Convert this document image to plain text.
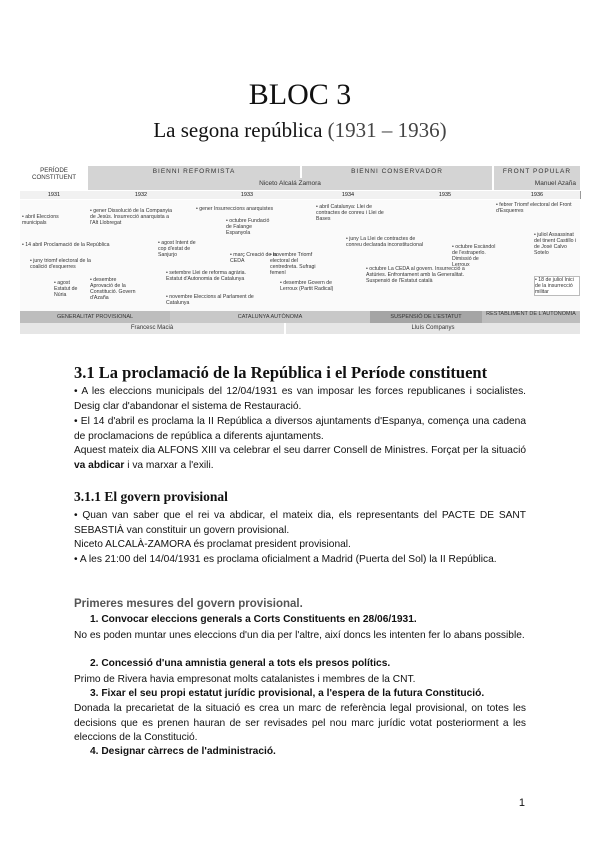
BLOC 3
La segona república (1931 – 1936)
PERÍODE CONSTITUENT
BIENNI REFORMISTA	BIENNI CONSERVADOR	FRONT POPULAR
Niceto Alcalá Zamora	Manuel Azaña
1931	1932	1933	1934	1935	1936
• abril Eleccions municipals
• 14 abril Proclamació de la República
• juny triomf electoral de la coalició d'esquerres
• agost Estatut de Núria
• desembre Aprovació de la Constitució. Govern d'Azaña
• gener Dissolució de la Companyia de Jesús. Insurrecció anarquista a l'Alt Llobregat
• agost Intent de cop d'estat de Sanjurjo
• setembre Llei de reforma agrària. Estatut d'Autonomia de Catalunya
• novembre Eleccions al Parlament de Catalunya
• gener Insurreccions anarquistes
• octubre Fundació de Falange Espanyola
• març Creació de la CEDA
• novembre Triomf electoral del centredreta. Sufragi femení
• desembre Govern de Lerroux (Partit Radical)
• abril Catalunya: Llei de contractes de conreu i Llei de Bases
• juny La Llei de contractes de conreu declarada inconstitucional
• octubre La CEDA al govern. Insurrecció a Astúries. Enfrontament amb la Generalitat. Suspensió de l'Estatut català
• octubre Escàndol de l'estraperlo. Dimissió de Lerroux
• febrer Triomf electoral del Front d'Esquerres
• juliol Assassinat del tinent Castillo i de José Calvo Sotelo
• 18 de juliol Inici de la insurrecció militar
GENERALITAT PROVISIONAL	CATALUNYA AUTÒNOMA	SUSPENSIÓ DE L'ESTATUT	RESTABLIMENT DE L'AUTONOMIA
Francesc Macià	Lluís Companys
3.1 La proclamació de la República i el Període constituent

• A les eleccions municipals del 12/04/1931 es van imposar les forces republicanes i socialistes. Desig clar d'abandonar el sistema de Restauració.

• El 14 d'abril es proclama la II República a diversos ajuntaments d'Espanya, comença una cadena de proclamacions de república a diferents ajuntaments.

Aquest mateix dia ALFONS XIII va celebrar el seu darrer Consell de Ministres. Forçat per la situació va abdicar i va marxar a l'exili.

3.1.1 El govern provisional

• Quan van saber que el rei va abdicar, el mateix dia, els representants del PACTE DE SANT SEBASTIÀ van constituir un govern provisional.

Niceto ALCALÀ-ZAMORA és proclamat president provisional.

• A les 21:00 del 14/04/1931 es proclama oficialment a Madrid (Puerta del Sol) la II República.

Primeres mesures del govern provisional.

1. Convocar eleccions generals a Corts Constituents en 28/06/1931.

No es poden muntar unes eleccions d'un dia per l'altre, així doncs les intenten fer lo abans possible.

2. Concessió d'una amnistia general a tots els presos polítics.

Primo de Rivera havia empresonat molts catalanistes i membres de la CNT.

3. Fixar el seu propi estatut jurídic provisional, a l'espera de la futura Constitució.

Donada la precarietat de la situació es crea un marc de referència legal provisional, on totes les decisions que es prenen hauran de ser revisades pel nou marc jurídic votat posteriorment a les eleccions de la Constitució.

4. Designar càrrecs de l'administració.

1
